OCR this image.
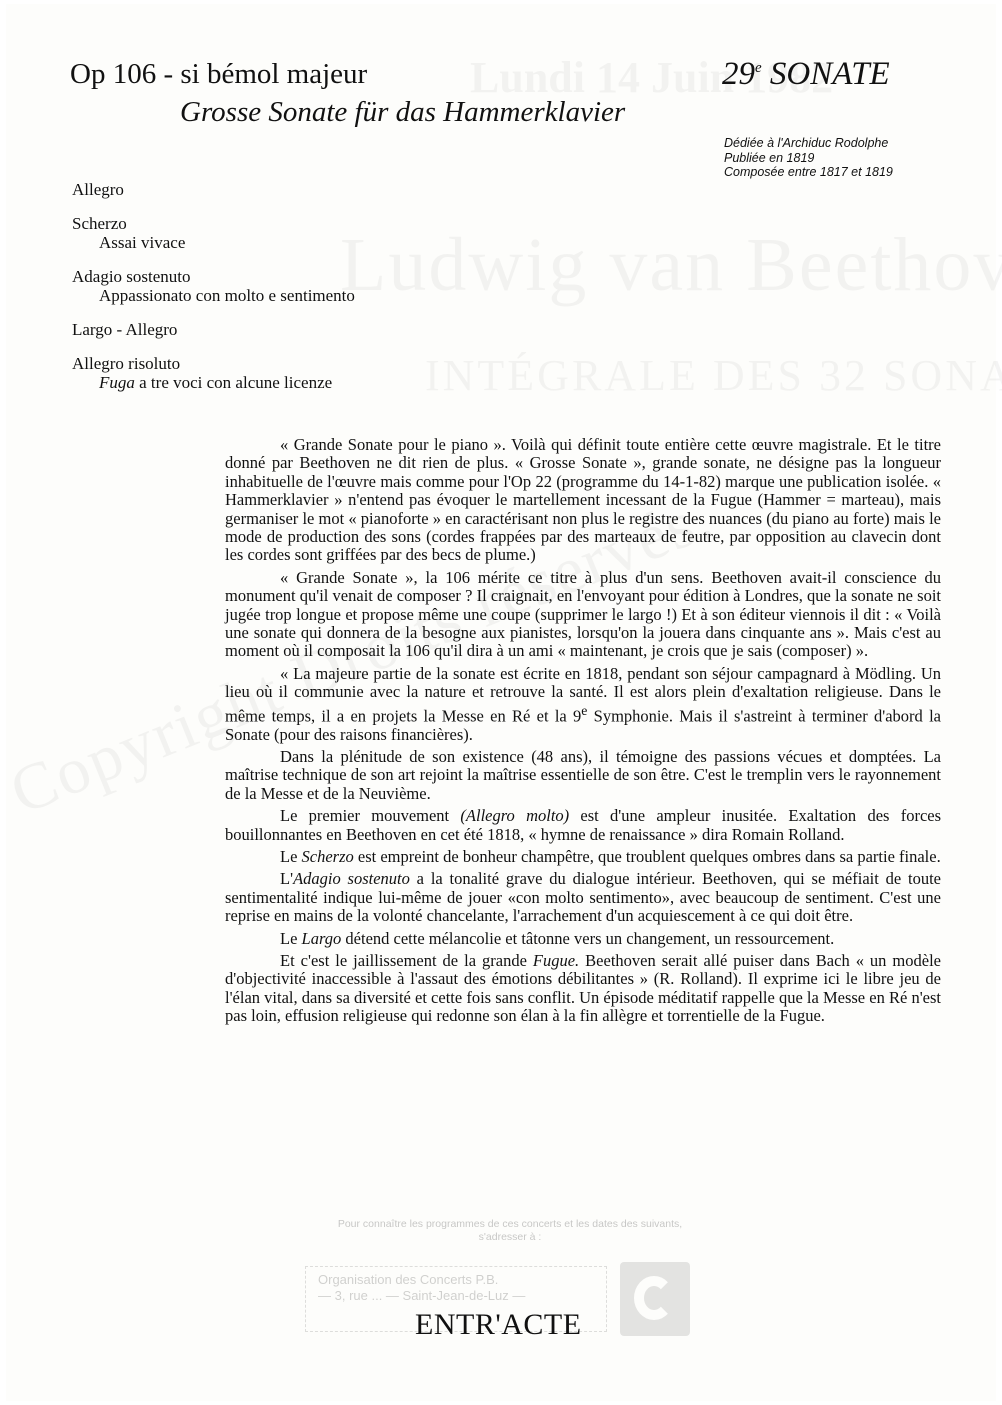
Op 106 - si bémol majeur
Grosse Sonate für das Hammerklavier
29e SONATE
Dédiée à l'Archiduc Rodolphe
Publiée en 1819
Composée entre 1817 et 1819
Allegro
Scherzo
Assai vivace
Adagio sostenuto
Appassionato con molto e sentimento
Largo - Allegro
Allegro risoluto
Fuga a tre voci con alcune licenze

« Grande Sonate pour le piano ». Voilà qui définit toute entière cette œuvre magistrale. Et le titre donné par Beethoven ne dit rien de plus. « Grosse Sonate », grande sonate, ne désigne pas la longueur inhabituelle de l'œuvre mais comme pour l'Op 22 (programme du 14-1-82) marque une publication isolée. « Hammerklavier » n'entend pas évoquer le martellement incessant de la Fugue (Hammer = marteau), mais germaniser le mot « pianoforte » en caractérisant non plus le registre des nuances (du piano au forte) mais le mode de production des sons (cordes frappées par des marteaux de feutre, par opposition au clavecin dont les cordes sont griffées par des becs de plume.)

« Grande Sonate », la 106 mérite ce titre à plus d'un sens. Beethoven avait-il conscience du monument qu'il venait de composer ? Il craignait, en l'envoyant pour édition à Londres, que la sonate ne soit jugée trop longue et propose même une coupe (supprimer le largo !) Et à son éditeur viennois il dit : « Voilà une sonate qui donnera de la besogne aux pianistes, lorsqu'on la jouera dans cinquante ans ». Mais c'est au moment où il composait la 106 qu'il dira à un ami « maintenant, je crois que je sais (composer) ».

« La majeure partie de la sonate est écrite en 1818, pendant son séjour campagnard à Mödling. Un lieu où il communie avec la nature et retrouve la santé. Il est alors plein d'exaltation religieuse. Dans le même temps, il a en projets la Messe en Ré et la 9e Symphonie. Mais il s'astreint à terminer d'abord la Sonate (pour des raisons financières).

Dans la plénitude de son existence (48 ans), il témoigne des passions vécues et domptées. La maîtrise technique de son art rejoint la maîtrise essentielle de son être. C'est le tremplin vers le rayonnement de la Messe et de la Neuvième.

Le premier mouvement (Allegro molto) est d'une ampleur inusitée. Exaltation des forces bouillonnantes en Beethoven en cet été 1818, « hymne de renaissance » dira Romain Rolland.

Le Scherzo est empreint de bonheur champêtre, que troublent quelques ombres dans sa partie finale.

L'Adagio sostenuto a la tonalité grave du dialogue intérieur. Beethoven, qui se méfiait de toute sentimentalité indique lui-même de jouer «con molto sentimento», avec beaucoup de sentiment. C'est une reprise en mains de la volonté chancelante, l'arrachement d'un acquiescement à ce qui doit être.

Le Largo détend cette mélancolie et tâtonne vers un changement, un ressourcement.

Et c'est le jaillissement de la grande Fugue. Beethoven serait allé puiser dans Bach « un modèle d'objectivité inaccessible à l'assaut des émotions débilitantes » (R. Rolland). Il exprime ici le libre jeu de l'élan vital, dans sa diversité et cette fois sans conflit. Un épisode méditatif rappelle que la Messe en Ré n'est pas loin, effusion religieuse qui redonne son élan à la fin allègre et torrentielle de la Fugue.

Pour connaître les programmes de ces concerts et les dates des suivants,
s'adresser à :
Organisation des Concerts P.B.
— 3, rue ... — Saint-Jean-de-Luz —
ENTR'ACTE
